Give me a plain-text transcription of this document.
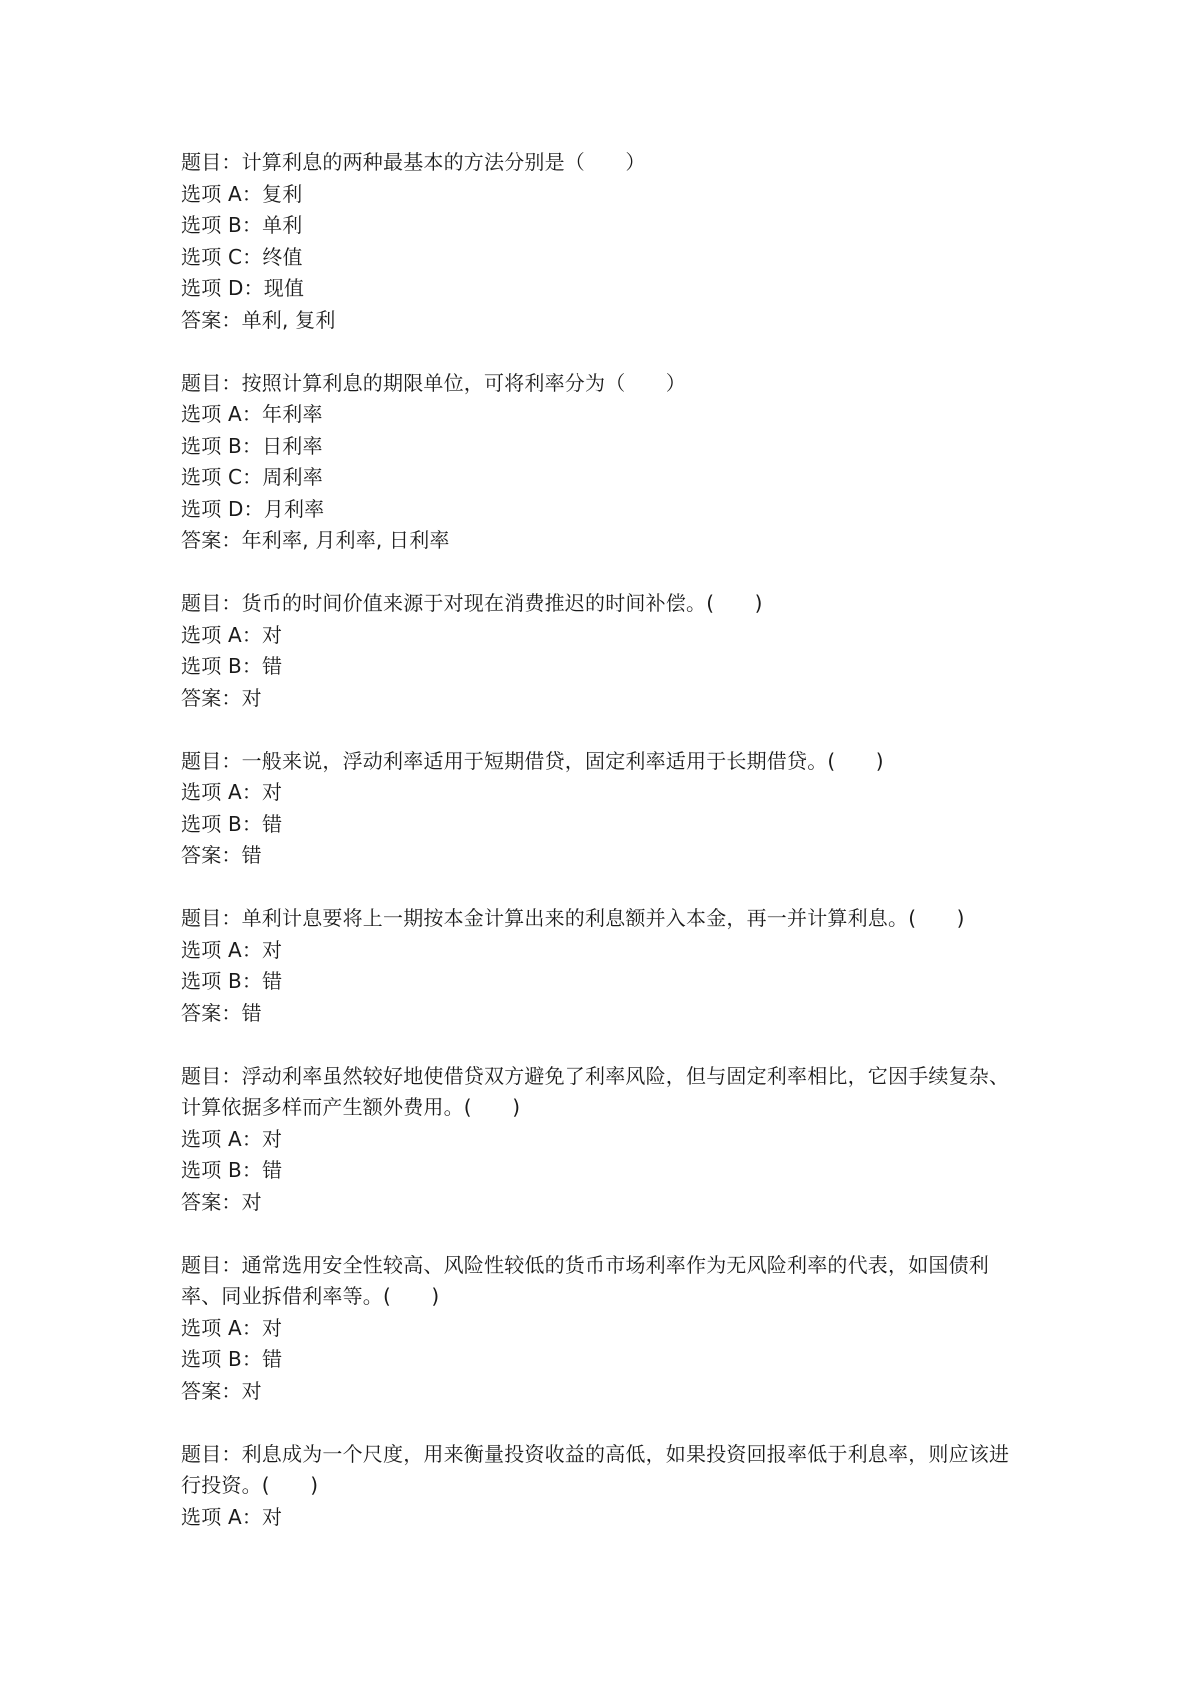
题目：计算利息的两种最基本的方法分别是（　　）
选项 A：复利
选项 B：单利
选项 C：终值
选项 D：现值
答案：单利, 复利
题目：按照计算利息的期限单位，可将利率分为（　　）
选项 A：年利率
选项 B：日利率
选项 C：周利率
选项 D：月利率
答案：年利率, 月利率, 日利率
题目：货币的时间价值来源于对现在消费推迟的时间补偿。(　　)
选项 A：对
选项 B：错
答案：对
题目：一般来说，浮动利率适用于短期借贷，固定利率适用于长期借贷。(　　)
选项 A：对
选项 B：错
答案：错
题目：单利计息要将上一期按本金计算出来的利息额并入本金，再一并计算利息。(　　)
选项 A：对
选项 B：错
答案：错
题目：浮动利率虽然较好地使借贷双方避免了利率风险，但与固定利率相比，它因手续复杂、计算依据多样而产生额外费用。(　　)
选项 A：对
选项 B：错
答案：对
题目：通常选用安全性较高、风险性较低的货币市场利率作为无风险利率的代表，如国债利率、同业拆借利率等。(　　)
选项 A：对
选项 B：错
答案：对
题目：利息成为一个尺度，用来衡量投资收益的高低，如果投资回报率低于利息率，则应该进行投资。(　　)
选项 A：对
